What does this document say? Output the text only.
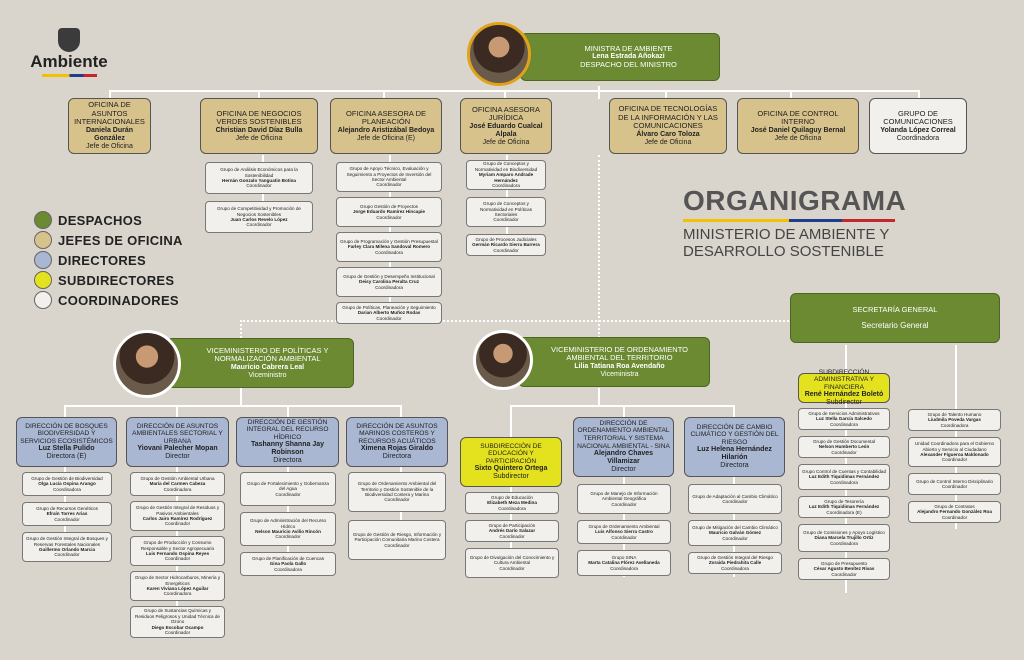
Ambiente
ORGANIGRAMA
MINISTERIO DE AMBIENTE Y
DESARROLLO SOSTENIBLE
DESPACHOS
JEFES DE OFICINA
DIRECTORES
SUBDIRECTORES
COORDINADORES
MINISTRA DE AMBIENTE
Lena Estrada Añokazi
DESPACHO DEL MINISTRO
OFICINA DE ASUNTOS INTERNACIONALES
Daniela Durán González
Jefe de Oficina
OFICINA DE NEGOCIOS VERDES SOSTENIBLES
Christian David Díaz Bulla
Jefe de Oficina
OFICINA ASESORA DE PLANEACIÓN
Alejandro Aristizábal Bedoya
Jefe de Oficina (E)
OFICINA ASESORA JURÍDICA
José Eduardo Cualcal Alpala
Jefe de Oficina
OFICINA DE TECNOLOGÍAS DE LA INFORMACIÓN Y LAS COMUNICACIONES
Álvaro Caro Toloza
Jefe de Oficina
OFICINA DE CONTROL INTERNO
José Daniel Quilaguy Bernal
Jefe de Oficina
GRUPO DE COMUNICACIONES
Yolanda López Correal
Coordinadora
Grupo de Análisis Económicos para la Sostenibilidad
Hernán Gonzalo Yanguatin Botina
Coordinador
Grupo de Competitividad y Promoción de Negocios Sostenibles
Juan Carlos Revelo López
Coordinador
Grupo de Apoyo Técnico, Evaluación y Seguimiento a Proyectos de Inversión del Sector Ambiental
Coordinador
Grupo Gestión de Proyectos
Jorge Eduardo Ramírez Hincapie
Coordinador
Grupo de Programación y Gestión Presupuestal
Farley Clara Milena Sandoval Romero
Coordinadora
Grupo de Gestión y Desempeño Institucional
Deisy Carolina Peralta Cruz
Coordinadora
Grupo de Políticas, Planeación y Seguimiento
Darian Alberto Muñoz Rodas
Coordinador
Grupo de Conceptos y Normatividad en Biodiversidad
Myriam Amparo Andrade Hernández
Coordinadora
Grupo de Conceptos y Normatividad en Políticas Sectoriales
Coordinador
Grupo de Procesos Judiciales
Germán Ricardo Sierra Barrera
Coordinador
SECRETARÍA GENERAL
Secretario General
VICEMINISTERIO DE POLÍTICAS Y NORMALIZACIÓN AMBIENTAL
Mauricio Cabrera Leal
Viceministro
VICEMINISTERIO DE ORDENAMIENTO AMBIENTAL DEL TERRITORIO
Lilia Tatiana Roa Avendaño
Viceministra
DIRECCIÓN DE BOSQUES BIODIVERSIDAD Y SERVICIOS ECOSISTÉMICOS
Luz Stella Pulido
Directora (E)
DIRECCIÓN DE ASUNTOS AMBIENTALES SECTORIAL Y URBANA
Yiovani Palecher Mopan
Director
DIRECCIÓN DE GESTIÓN INTEGRAL DEL RECURSO HÍDRICO
Tashanny Shanna Jay Robinson
Directora
DIRECCIÓN DE ASUNTOS MARINOS COSTEROS Y RECURSOS ACUÁTICOS
Ximena Rojas Giraldo
Directora
SUBDIRECCIÓN DE EDUCACIÓN Y PARTICIPACIÓN
Sixto Quintero Ortega
Subdirector
DIRECCIÓN DE ORDENAMIENTO AMBIENTAL TERRITORIAL Y SISTEMA NACIONAL AMBIENTAL - SINA
Alejandro Chaves Villamizar
Director
DIRECCIÓN DE CAMBIO CLIMÁTICO Y GESTIÓN DEL RIESGO
Luz Helena Hernández Hilarión
Directora
SUBDIRECCIÓN ADMINISTRATIVA Y FINANCIERA
René Hernández Boletó
Subdirector
Grupo de Gestión de Biodiversidad
Olga Lucía Ospina Arango
Coordinadora
Grupo de Recursos Genéticos
Efraín Torres Arias
Coordinador
Grupo de Gestión Integral de Bosques y Reservas Forestales Nacionales
Guillermo Orlando Marcia
Coordinador
Grupo de Gestión Ambiental Urbana
María del Carmen Cabeza
Coordinadora
Grupo de Gestión Integral de Residuos y Pasivos Ambientales
Carlos Jairo Ramírez Rodríguez
Coordinador
Grupo de Producción y Consumo Responsable y Sector Agropecuario
Luis Fernando Ospina Reyes
Coordinador
Grupo de Sector Hidrocarburos, Minería y Energéticos
Karen Viviana López Aguilar
Coordinadora
Grupo de Sustancias Químicas y Residuos Peligrosos y Unidad Técnica de Ozono
Diego Escobar Ocampo
Coordinador
Grupo de Fortalecimiento y Gobernanza del Agua
Coordinador
Grupo de Administración del Recurso Hídrico
Nelson Mauricio Avilio Rincón
Coordinador
Grupo de Planificación de Cuencas
Gina Paola Gallo
Coordinadora
Grupo de Ordenamiento Ambiental del Territorio y Gestión Sostenible de la Biodiversidad Costera y Marina
Coordinador
Grupo de Gestión de Riesgo, Información y Participación Comunitaria Marino Costera
Coordinador
Grupo de Educación
Elizabeth Meza Medina
Coordinadora
Grupo de Participación
Andrés Darío Salazar
Coordinador
Grupo de Divulgación del Conocimiento y Cultura Ambiental
Coordinador
Grupo de Manejo de Información Ambiental Geográfica
Coordinador
Grupo de Ordenamiento Ambiental
Luis Alfonso Sierra Castro
Coordinador
Grupo SINA
Marta Catalina Flórez Avellaneda
Coordinadora
Grupo de Adaptación al Cambio Climático
Coordinador
Grupo de Mitigación del Cambio Climático
Mauricio Galván Gómez
Coordinador
Grupo de Gestión Integral del Riesgo
Zoraida Piedrahita Calle
Coordinadora
Grupo de Servicios Administrativos
Luz Stella García Salcedo
Coordinadora
Grupo de Gestión Documental
Nelson Humberto León
Coordinador
Grupo Control de Cuentas y Contabilidad
Luz Edith Tiquidimas Fernández
Coordinadora
Grupo de Tesorería
Luz Edith Tiquidimas Fernández
Coordinadora (E)
Grupo de Comisiones y Apoyo Logístico
Diana Marcela Trujillo Ortiz
Coordinadora
Grupo de Presupuesto
César Agusto Benítez Rivas
Coordinador
Grupo de Talento Humano
Liudmila Poveda Vargas
Coordinadora
Unidad Coordinadora para el Gobierno Abierto y Servicio al Ciudadano
Alexander Figueroa Maldonado
Coordinador
Grupo de Control Interno Disciplinario
Coordinador
Grupo de Contratos
Alejandro Fernando González Roa
Coordinador
